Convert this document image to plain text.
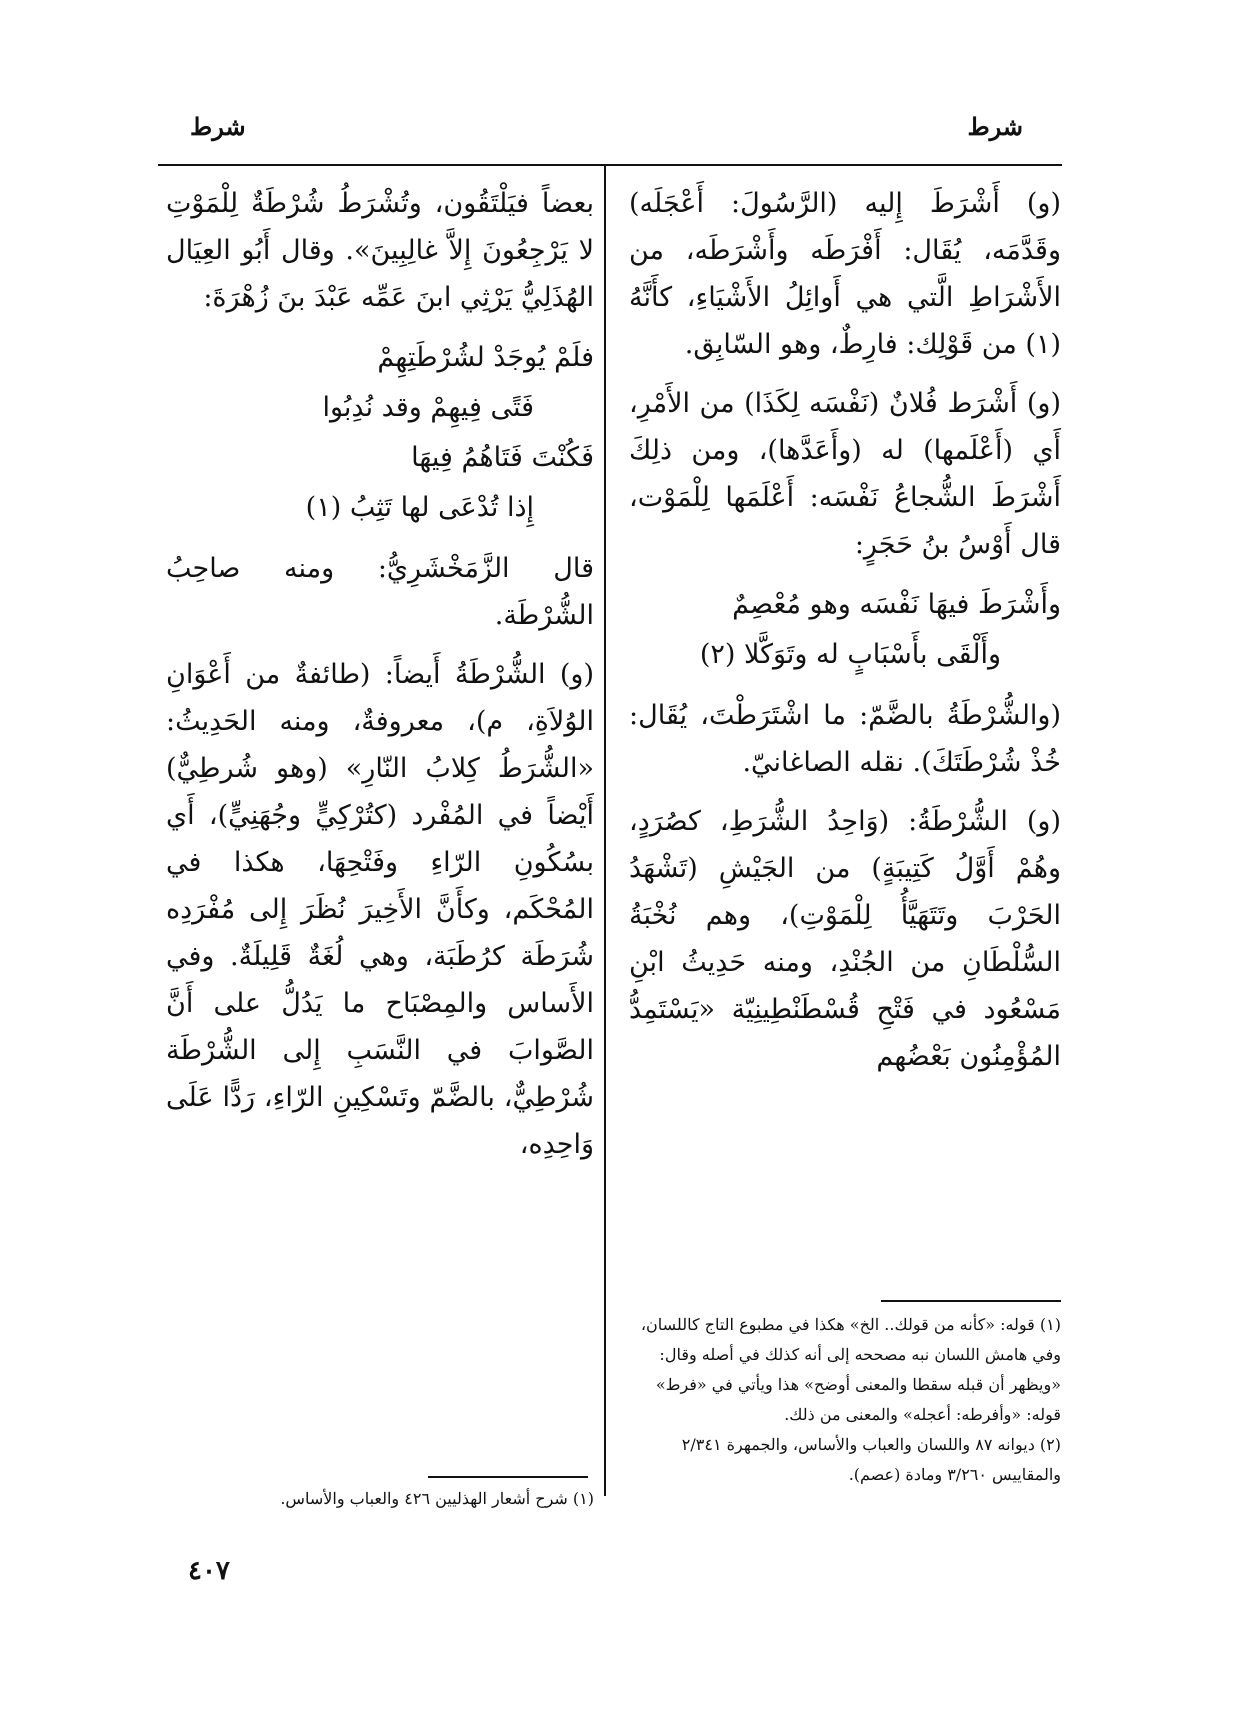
شرط
شرط

(و) أَشْرَطَ إِليه (الرَّسُولَ: أَعْجَلَه) وقَدَّمَه، يُقَال: أَفْرَطَه وأَشْرَطَه، من الأَشْرَاطِ الَّتي هي أَوائِلُ الأَشْيَاءِ، كأَنَّهُ (١) من قَوْلِك: فارِطٌ، وهو السّابِق.

(و) أَشْرَط فُلانٌ (نَفْسَه لِكَذَا) من الأَمْرِ، أَي (أَعْلَمها) له (وأَعَدَّها)، ومن ذلِكَ أَشْرَطَ الشُّجاعُ نَفْسَه: أَعْلَمَها لِلْمَوْت، قال أَوْسُ بنُ حَجَرٍ:

وأَشْرَطَ فيهَا نَفْسَه وهو مُعْصِمٌ
وأَلْقَى بأَسْبَابٍ له وتَوَكَّلا (٢)

(والشُّرْطَةُ بالضَّمّ: ما اشْتَرَطْتَ، يُقَال: خُذْ شُرْطَتَكَ). نقله الصاغانيّ.

(و) الشُّرْطَةُ: (وَاحِدُ الشُّرَطِ، كصُرَدٍ، وهُمْ أَوَّلُ كَتِيبَةٍ) من الجَيْشِ (تَشْهَدُ الحَرْبَ وتَتَهَيَّأُ لِلْمَوْتِ)، وهم نُخْبَةُ السُّلْطَانِ من الجُنْدِ، ومنه حَدِيثُ ابْنِ مَسْعُود في فَتْحِ قُسْطَنْطِينِيّة «يَسْتَمِدُّ المُؤْمِنُون بَعْضُهم

بعضاً فيَلْتَقُون، وتُشْرَطُ شُرْطَةٌ لِلْمَوْتِ لا يَرْجِعُونَ إِلاَّ غالِبِينَ». وقال أَبُو العِيَال الهُذَلِيُّ يَرْثِي ابنَ عَمِّه عَبْدَ بنَ زُهْرَةَ:

فلَمْ يُوجَدْ لشُرْطَتِهِمْ
فَتًى فِيهِمْ وقد نُدِبُوا
فَكُنْتَ فَتَاهُمُ فِيهَا
إِذا تُدْعَى لها تَثِبُ (١)

قال الزَّمَخْشَرِيُّ: ومنه صاحِبُ الشُّرْطَة.

(و) الشُّرْطَةُ أَيضاً: (طائفةٌ من أَعْوَانِ الوُلاَةِ، م)، معروفةٌ، ومنه الحَدِيثُ: «الشُّرَطُ كِلابُ النّارِ» (وهو شُرطِيٌّ) أَيْضاً في المُفْرد (كتُرْكِيٍّ وجُهَنِيٍّ)، أَي بسُكُونِ الرّاءِ وفَتْحِهَا، هكذا في المُحْكَم، وكأَنَّ الأَخِيرَ نُظَرَ إِلى مُفْرَدِه شُرَطَة كرُطَبَة، وهي لُغَةٌ قَلِيلَةٌ. وفي الأَساس والمِصْبَاح ما يَدُلُّ على أَنَّ الصَّوابَ في النَّسَبِ إِلى الشُّرْطَة شُرْطِيٌّ، بالضَّمّ وتَسْكِينِ الرّاءِ، رَدًّا عَلَى وَاحِدِه،

(١) قوله: «كأنه من قولك.. الخ» هكذا في مطبوع التاج كاللسان، وفي هامش اللسان نبه مصححه إلى أنه كذلك في أصله وقال: «ويظهر أن قبله سقطا والمعنى أوضح» هذا ويأتي في «فرط» قوله: «وأفرطه: أعجله» والمعنى من ذلك.
(٢) ديوانه ٨٧ واللسان والعباب والأساس، والجمهرة ٢/٣٤١ والمقاييس ٣/٢٦٠ ومادة (عصم).
(١) شرح أشعار الهذليين ٤٢٦ والعباب والأساس.
٤٠٧
